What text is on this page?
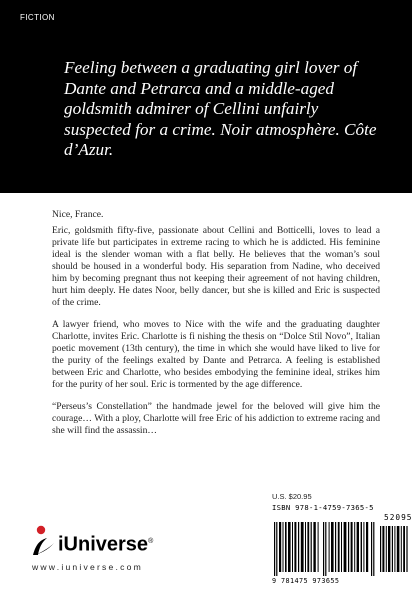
FICTION
Feeling between a graduating girl lover of Dante and Petrarca and a middle-aged goldsmith admirer of Cellini unfairly suspected for a crime. Noir atmosphère. Côte d’Azur.

Nice, France.

Eric, goldsmith fifty-five, passionate about Cellini and Botticelli, loves to lead a private life but participates in extreme racing to which he is addicted. His feminine ideal is the slender woman with a flat belly. He believes that the woman’s soul should be housed in a wonderful body. His separation from Nadine, who deceived him by becoming pregnant thus not keeping their agreement of not having children, hurt him deeply. He dates Noor, belly dancer, but she is killed and Eric is suspected of the crime.

A lawyer friend, who moves to Nice with the wife and the graduating daughter Charlotte, invites Eric. Charlotte is fi nishing the thesis on “Dolce Stil Novo”, Italian poetic movement (13th century), the time in which she would have liked to live for the purity of the feelings exalted by Dante and Petrarca. A feeling is established between Eric and Charlotte, who besides embodying the feminine ideal, strikes him for the purity of her soul. Eric is tormented by the age difference.

“Perseus’s Constellation” the handmade jewel for the beloved will give him the courage… With a ploy, Charlotte will free Eric of his addiction to extreme racing and she will find the assassin…

iUniverse®
www.iuniverse.com
U.S. $20.95
ISBN 978-1-4759-7365-5
52095
9 781475 973655
